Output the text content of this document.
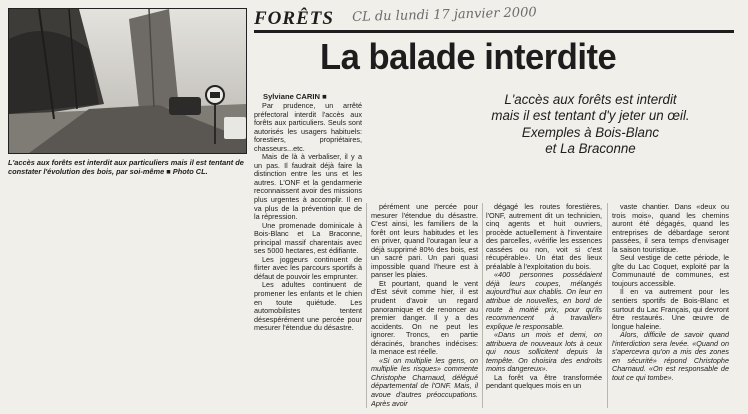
L'accès aux forêts est interdit aux particuliers mais il est tentant de constater l'évolution des bois, par soi-même ■ Photo CL.
FORÊTS CL du lundi 17 janvier 2000
La balade interdite
Sylviane CARIN ■	L'accès aux forêts est interdit
mais il est tentant d'y jeter un œil.
Exemples à Bois-Blanc
et La Braconne

Par prudence, un arrêté préfectoral interdit l'accès aux forêts aux particuliers. Seuls sont autorisés les usagers habituels: forestiers, propriétaires, chasseurs...etc.

Mais de là à verbaliser, il y a un pas. Il faudrait déjà faire la distinction entre les uns et les autres. L'ONF et la gendarmerie reconnaissent avoir des missions plus urgentes à accomplir. Il en va plus de la prévention que de la répression.

Une promenade dominicale à Bois-Blanc et La Braconne, principal massif charentais avec ses 5000 hectares, est édifiante.

Les joggeurs continuent de flirter avec les parcours sportifs à défaut de pouvoir les emprunter.

Les adultes continuent de promener les enfants et le chien en toute quiétude. Les automobilistes tentent désespérément une percée pour mesurer l'étendue du désastre.

pérément une percée pour mesurer l'étendue du désastre. C'est ainsi, les familiers de la forêt ont leurs habitudes et les en priver, quand l'ouragan leur a déjà supprimé 80% des bois, est un sacré pari. Un pari quasi impossible quand l'heure est à panser les plaies.

Et pourtant, quand le vent d'Est sévit comme hier, il est prudent d'avoir un regard panoramique et de renoncer au premier danger. Il y a des accidents. On ne peut les ignorer. Troncs, en partie déracinés, branches indécises: la menace est réelle.

«Si on multiplie les gens, on multiplie les risques» commente Christophe Charnaud, délégué départemental de l'ONF. Mais, il avoue d'autres préoccupations. Après avoir

dégagé les routes forestières, l'ONF, autrement dit un technicien, cinq agents et huit ouvriers, procède actuellement à l'inventaire des parcelles, «vérifie les essences cassées ou non, voit si c'est récupérable». Un état des lieux préalable à l'exploitation du bois.

«400 personnes possédaient déjà leurs coupes, mélangés aujourd'hui aux chablis. On leur en attribue de nouvelles, en bord de route à moitié prix, pour qu'ils recommencent à travailler» explique le responsable.

«Dans un mois et demi, on attribuera de nouveaux lots à ceux qui nous sollicitent depuis la tempête. On choisira des endroits moins dangereux».

La forêt va être transformée pendant quelques mois en un

vaste chantier. Dans «deux ou trois mois», quand les chemins auront été dégagés, quand les entreprises de débardage seront passées, il sera temps d'envisager la saison touristique.

Seul vestige de cette période, le gîte du Lac Coquet, exploité par la Communauté de communes, est toujours accessible.

Il en va autrement pour les sentiers sportifs de Bois-Blanc et surtout du Lac Français, qui devront être restaurés. Une œuvre de longue haleine.

Alors, difficile de savoir quand l'interdiction sera levée. «Quand on s'apercevra qu'on a mis des zones en sécurité» répond Christophe Charnaud. «On est responsable de tout ce qui tombe».
